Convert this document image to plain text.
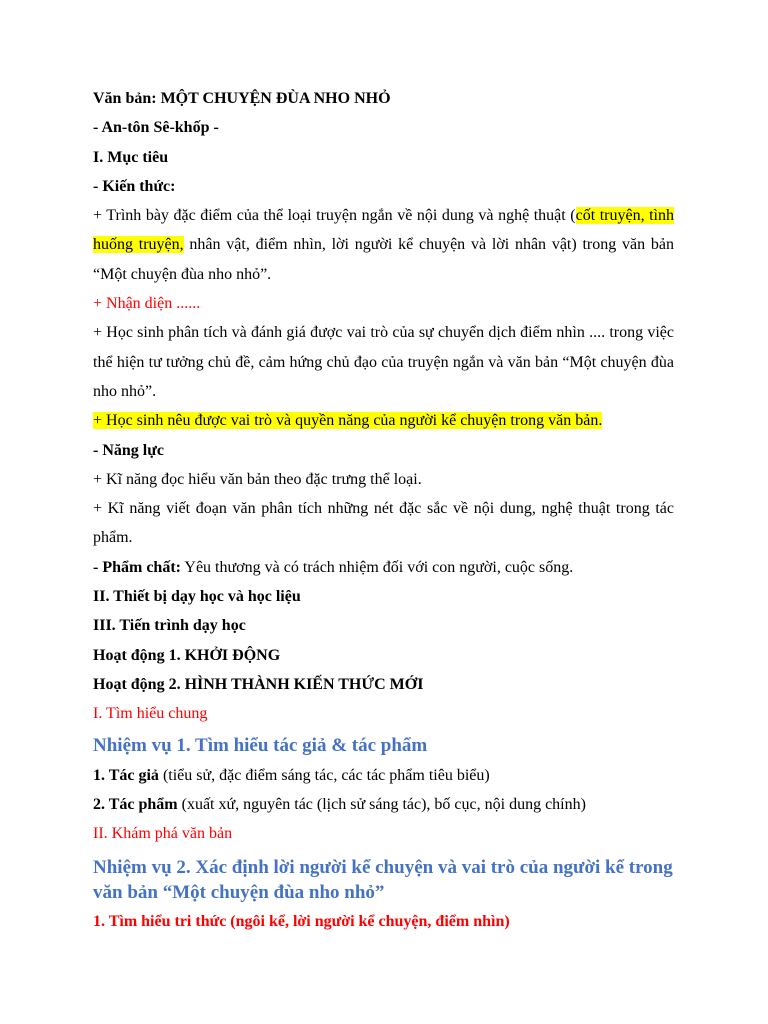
Văn bản: MỘT CHUYỆN ĐÙA NHO NHỎ

- An-tôn Sê-khốp -

I. Mục tiêu

- Kiến thức:

+ Trình bày đặc điểm của thể loại truyện ngắn về nội dung và nghệ thuật (cốt truyện, tình huống truyện, nhân vật, điểm nhìn, lời người kể chuyện và lời nhân vật) trong văn bản “Một chuyện đùa nho nhỏ”.

+ Nhận diện ......

+ Học sinh phân tích và đánh giá được vai trò của sự chuyển dịch điểm nhìn .... trong việc thể hiện tư tưởng chủ đề, cảm hứng chủ đạo của truyện ngắn và văn bản “Một chuyện đùa nho nhỏ”.

+ Học sinh nêu được vai trò và quyền năng của người kể chuyện trong văn bản.

- Năng lực

+ Kĩ năng đọc hiểu văn bản theo đặc trưng thể loại.

+ Kĩ năng viết đoạn văn phân tích những nét đặc sắc về nội dung, nghệ thuật trong tác phẩm.

- Phẩm chất: Yêu thương và có trách nhiệm đối với con người, cuộc sống.

II. Thiết bị dạy học và học liệu

III. Tiến trình dạy học

Hoạt động 1. KHỞI ĐỘNG

Hoạt động 2. HÌNH THÀNH KIẾN THỨC MỚI

I. Tìm hiểu chung

Nhiệm vụ 1. Tìm hiểu tác giả & tác phẩm

1. Tác giả (tiểu sử, đặc điểm sáng tác, các tác phẩm tiêu biểu)

2. Tác phẩm (xuất xứ, nguyên tác (lịch sử sáng tác), bố cục, nội dung chính)

II. Khám phá văn bản

Nhiệm vụ 2. Xác định lời người kể chuyện và vai trò của người kể trong văn bản “Một chuyện đùa nho nhỏ”

1. Tìm hiểu tri thức (ngôi kể, lời người kể chuyện, điểm nhìn)
